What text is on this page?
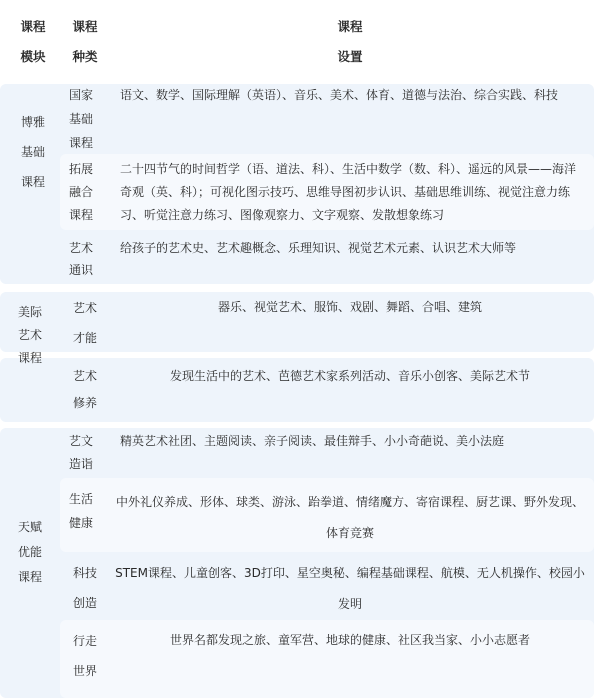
课程
模块
课程
种类
课程
设置
博雅
基础
课程
国家
基础
课程
语文、数学、国际理解（英语）、音乐、美术、体育、道德与法治、综合实践、科技
拓展
融合
课程
二十四节气的时间哲学（语、道法、科）、生活中数学（数、科）、遥远的风景——海洋奇观（英、科）；可视化图示技巧、思维导图初步认识、基础思维训练、视觉注意力练习、听觉注意力练习、图像观察力、文字观察、发散想象练习
艺术
通识
给孩子的艺术史、艺术趣概念、乐理知识、视觉艺术元素、认识艺术大师等
美际
艺术
课程
艺术
才能
器乐、视觉艺术、服饰、戏剧、舞蹈、合唱、建筑
艺术
修养
发现生活中的艺术、芭德艺术家系列活动、音乐小创客、美际艺术节
天赋
优能
课程
艺文
造诣
精英艺术社团、主题阅读、亲子阅读、最佳辩手、小小奇葩说、美小法庭
生活
健康
中外礼仪养成、形体、球类、游泳、跆拳道、情绪魔方、寄宿课程、厨艺课、野外发现、体育竞赛
科技
创造
STEM课程、儿童创客、3D打印、星空奥秘、编程基础课程、航模、无人机操作、校园小发明
行走
世界
世界名都发现之旅、童军营、地球的健康、社区我当家、小小志愿者
